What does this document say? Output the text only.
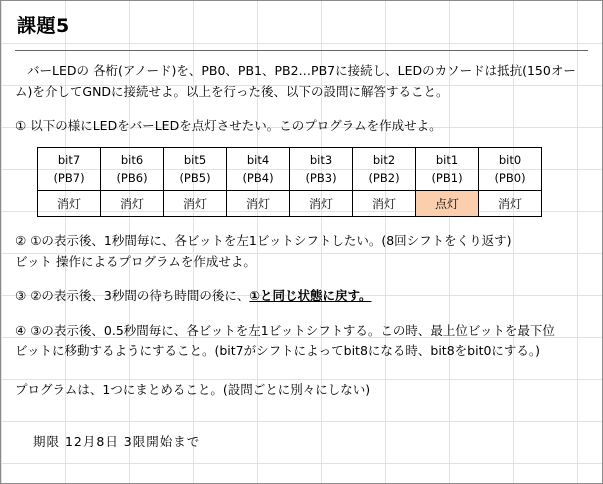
課題5

バーLEDの 各桁(アノード)を、PB0、PB1、PB2…PB7に接続し、LEDのカソードは抵抗(150オーム)を介してGNDに接続せよ。以上を行った後、以下の設問に解答すること。

① 以下の様にLEDをバーLEDを点灯させたい。このプログラムを作成せよ。
bit7	bit6	bit5	bit4	bit3	bit2	bit1	bit0
(PB7)	(PB6)	(PB5)	(PB4)	(PB3)	(PB2)	(PB1)	(PB0)
消灯	消灯	消灯	消灯	消灯	消灯	点灯	消灯
② ①の表示後、1秒間毎に、各ビットを左1ビットシフトしたい。(8回シフトをくり返す)
ビット 操作によるプログラムを作成せよ。
③ ②の表示後、3秒間の待ち時間の後に、①と同じ状態に戻す。
④ ③の表示後、0.5秒間毎に、各ビットを左1ビットシフトする。この時、最上位ビットを最下位
ビットに移動するようにすること。(bit7がシフトによってbit8になる時、bit8をbit0にする。)
プログラムは、1つにまとめること。(設問ごとに別々にしない)
期限 12月8日 3限開始まで
